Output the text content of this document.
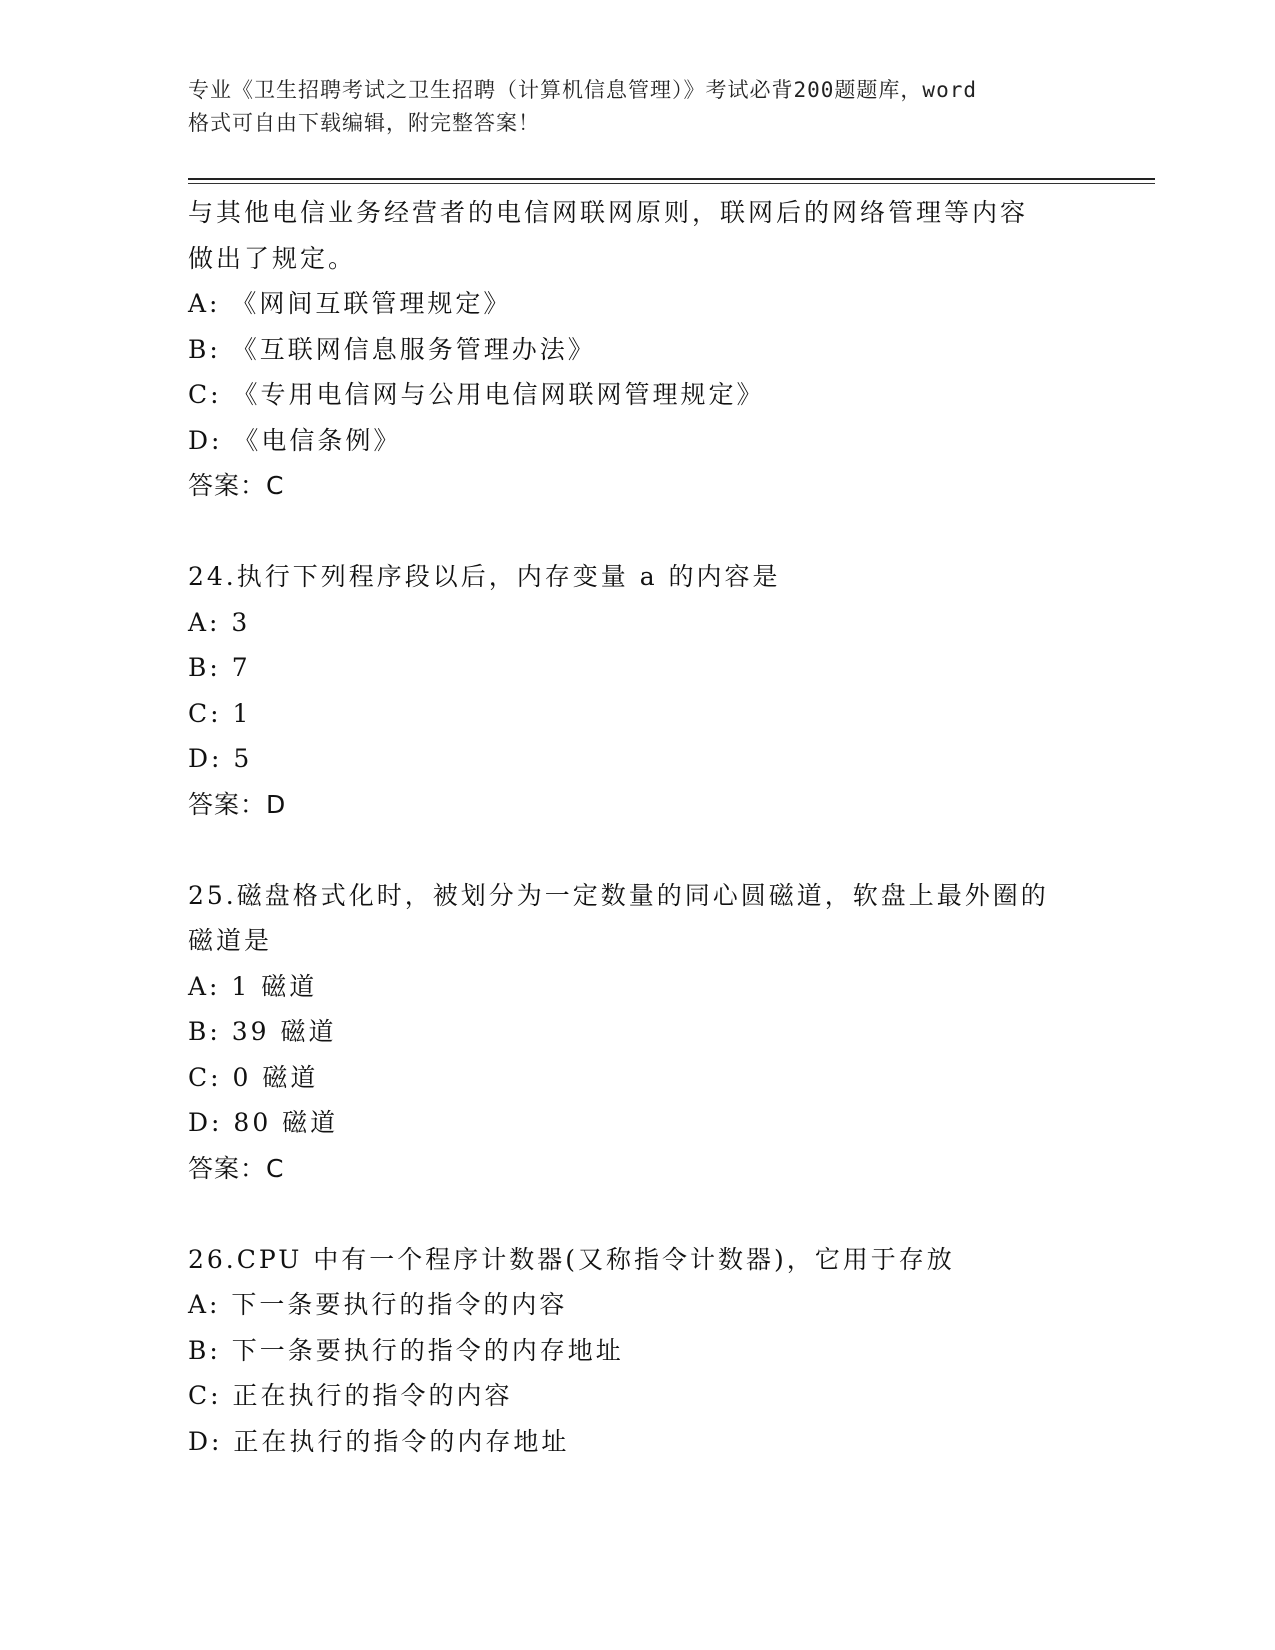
专业《卫生招聘考试之卫生招聘（计算机信息管理）》考试必背200题题库，word
格式可自由下载编辑，附完整答案！
与其他电信业务经营者的电信网联网原则，联网后的网络管理等内容
做出了规定。
A: 《网间互联管理规定》
B: 《互联网信息服务管理办法》
C: 《专用电信网与公用电信网联网管理规定》
D: 《电信条例》
答案：C
24.执行下列程序段以后，内存变量 a 的内容是
A: 3
B: 7
C: 1
D: 5
答案：D
25.磁盘格式化时，被划分为一定数量的同心圆磁道，软盘上最外圈的
磁道是
A: 1 磁道
B: 39 磁道
C: 0 磁道
D: 80 磁道
答案：C
26.CPU 中有一个程序计数器(又称指令计数器)，它用于存放
A: 下一条要执行的指令的内容
B: 下一条要执行的指令的内存地址
C: 正在执行的指令的内容
D: 正在执行的指令的内存地址
